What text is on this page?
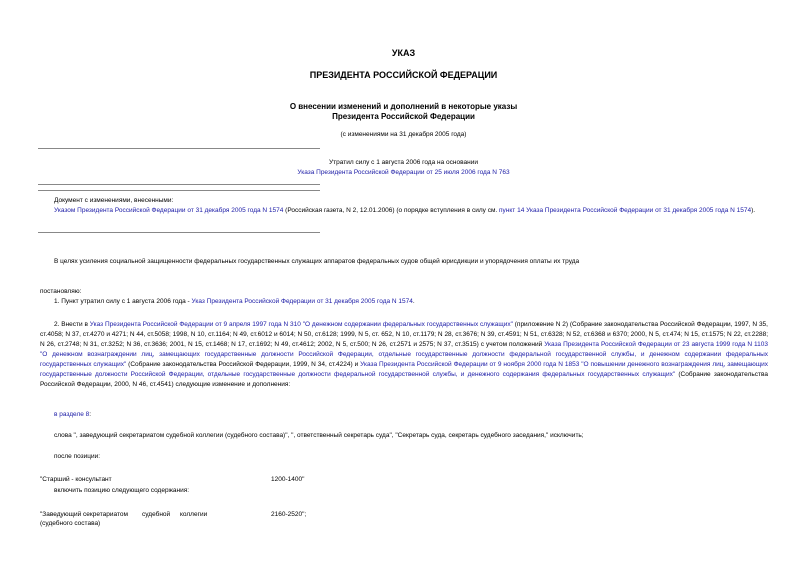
УКАЗ
ПРЕЗИДЕНТА РОССИЙСКОЙ ФЕДЕРАЦИИ
О внесении изменений и дополнений в некоторые указы
Президента Российской Федерации
(с изменениями на 31 декабря 2005 года)
Утратил силу с 1 августа 2006 года на основании
Указа Президента Российской Федерации от 25 июля 2006 года N 763
Документ с изменениями, внесенными:
Указом Президента Российской Федерации от 31 декабря 2005 года N 1574 (Российская газета, N 2, 12.01.2006) (о порядке вступления в силу см. пункт 14 Указа Президента Российской Федерации от 31 декабря 2005 года N 1574).
В целях усиления социальной защищенности федеральных государственных служащих аппаратов федеральных судов общей юрисдикции и упорядочения оплаты их труда
постановляю:
1. Пункт утратил силу с 1 августа 2006 года - Указ Президента Российской Федерации от 31 декабря 2005 года N 1574.
2. Внести в Указ Президента Российской Федерации от 9 апреля 1997 года N 310 "О денежном содержании федеральных государственных служащих" (приложение N 2) (Собрание законодательства Российской Федерации, 1997, N 35, ст.4058; N 37, ст.4270 и 4271; N 44, ст.5058; 1998, N 10, ст.1164; N 49, ст.6012 и 6014; N 50, ст.6128; 1999, N 5, ст. 652, N 10, ст.1179; N 28, ст.3676; N 39, ст.4591; N 51, ст.6328; N 52, ст.6368 и 6370; 2000, N 5, ст.474; N 15, ст.1575; N 22, ст.2288; N 26, ст.2748; N 31, ст.3252; N 36, ст.3636; 2001, N 15, ст.1468; N 17, ст.1692; N 49, ст.4612; 2002, N 5, ст.500; N 26, ст.2571 и 2575; N 37, ст.3515) с учетом положений Указа Президента Российской Федерации от 23 августа 1999 года N 1103 "О денежном вознаграждении лиц, замещающих государственные должности Российской Федерации, отдельные государственные должности федеральной государственной службы, и денежном содержании федеральных государственных служащих" (Собрание законодательства Российской Федерации, 1999, N 34, ст.4224) и Указа Президента Российской Федерации от 9 ноября 2000 года N 1853 "О повышении денежного вознаграждения лиц, замещающих государственные должности Российской Федерации, отдельные государственные должности федеральной государственной службы, и денежного содержания федеральных государственных служащих" (Собрание законодательства Российской Федерации, 2000, N 46, ст.4541) следующие изменение и дополнения:
в разделе 8:
слова ", заведующий секретариатом судебной коллегии (судебного состава)", ", ответственный секретарь суда", "Секретарь суда, секретарь судебного заседания," исключить;
после позиции:
"Старший - консультант	1200-1400"
включить позицию следующего содержания:
"Заведующий секретариатом судебной коллегии
(судебного состава)
2160-2520";
